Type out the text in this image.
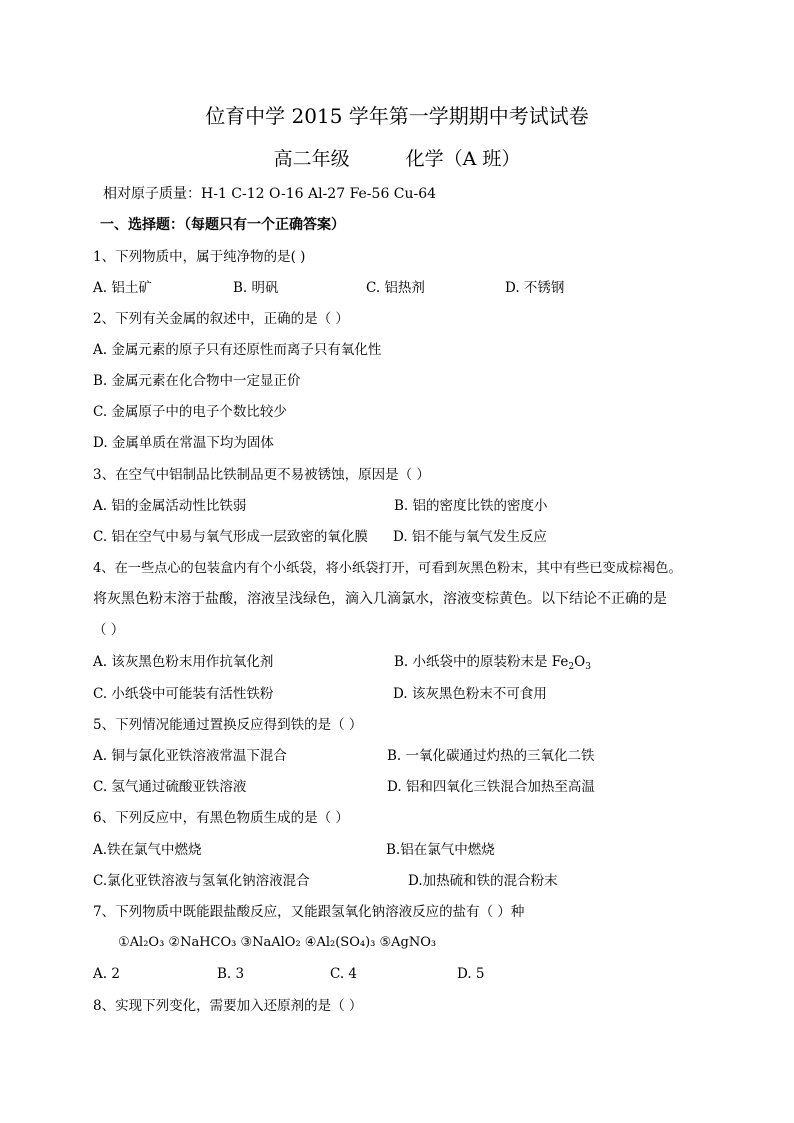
位育中学 2015 学年第一学期期中考试试卷
高二年级	化学（A 班）
相对原子质量：H-1 C-12 O-16 Al-27 Fe-56 Cu-64
一、选择题：（每题只有一个正确答案）
1、下列物质中，属于纯净物的是( )
A. 铝土矿	B. 明矾	C. 铝热剂	D. 不锈钢
2、下列有关金属的叙述中，正确的是（ ）
A. 金属元素的原子只有还原性而离子只有氧化性
B. 金属元素在化合物中一定显正价
C. 金属原子中的电子个数比较少
D. 金属单质在常温下均为固体
3、在空气中铝制品比铁制品更不易被锈蚀，原因是（ ）
A. 铝的金属活动性比铁弱	B. 铝的密度比铁的密度小
C. 铝在空气中易与氧气形成一层致密的氧化膜 D. 铝不能与氧气发生反应
4、在一些点心的包装盒内有个小纸袋，将小纸袋打开，可看到灰黑色粉末，其中有些已变成棕褐色。
将灰黑色粉末溶于盐酸，溶液呈浅绿色，滴入几滴氯水，溶液变棕黄色。以下结论不正确的是
（ ）
A. 该灰黑色粉末用作抗氧化剂	B. 小纸袋中的原装粉末是 $Fe_2O_3$
C. 小纸袋中可能装有活性铁粉	D. 该灰黑色粉末不可食用
5、下列情况能通过置换反应得到铁的是（ ）
A. 铜与氯化亚铁溶液常温下混合	B. 一氧化碳通过灼热的三氧化二铁
C. 氢气通过硫酸亚铁溶液	D. 铝和四氧化三铁混合加热至高温
6、下列反应中，有黑色物质生成的是（ ）
A.铁在氯气中燃烧	B.铝在氯气中燃烧
C.氯化亚铁溶液与氢氧化钠溶液混合	D.加热硫和铁的混合粉末
7、下列物质中既能跟盐酸反应，又能跟氢氧化钠溶液反应的盐有（ ）种
①Al₂O₃ ②NaHCO₃ ③NaAlO₂ ④Al₂(SO₄)₃ ⑤AgNO₃
A. 2	B. 3	C. 4	D. 5
8、实现下列变化，需要加入还原剂的是（ ）
